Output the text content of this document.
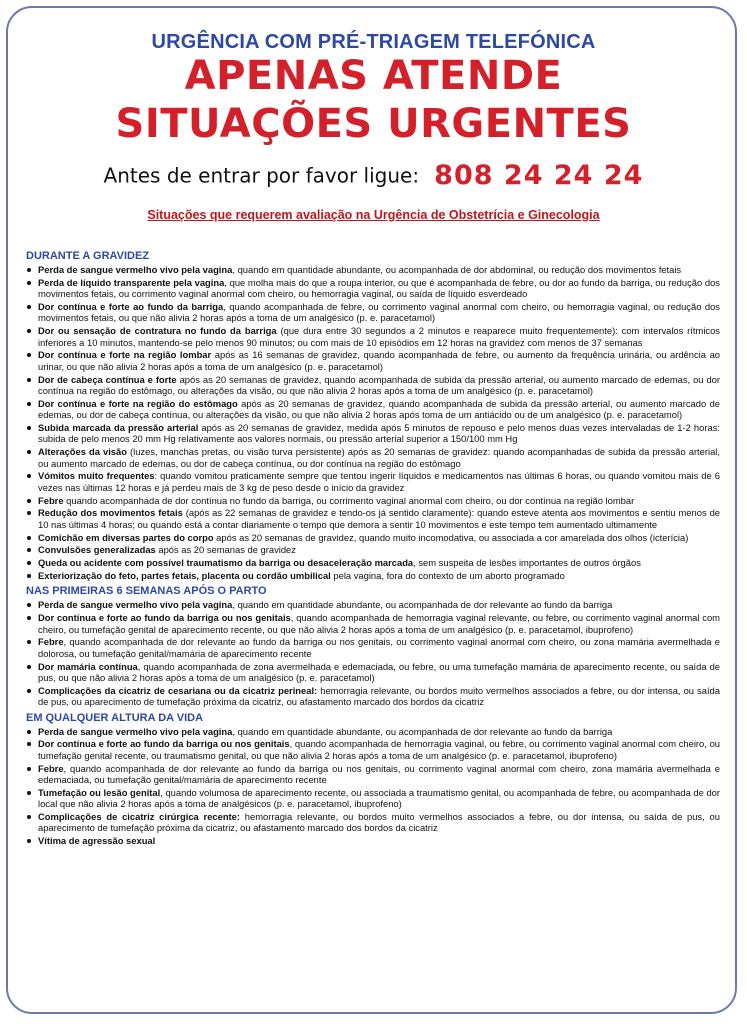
URGÊNCIA COM PRÉ-TRIAGEM TELEFÓNICA
APENAS ATENDE
SITUAÇÕES URGENTES
Antes de entrar por favor ligue: 808 24 24 24
Situações que requerem avaliação na Urgência de Obstetrícia e Ginecologia
DURANTE A GRAVIDEZ
Perda de sangue vermelho vivo pela vagina, quando em quantidade abundante, ou acompanhada de dor abdominal, ou redução dos movimentos fetais
Perda de líquido transparente pela vagina, que molha mais do que a roupa interior, ou que é acompanhada de febre, ou dor ao fundo da barriga, ou redução dos movimentos fetais, ou corrimento vaginal anormal com cheiro, ou hemorragia vaginal, ou saída de líquido esverdeado
Dor contínua e forte ao fundo da barriga, quando acompanhada de febre, ou corrimento vaginal anormal com cheiro, ou hemorragia vaginal, ou redução dos movimentos fetais, ou que não alivia 2 horas após a toma de um analgésico (p. e. paracetamol)
Dor ou sensação de contratura no fundo da barriga (que dura entre 30 segundos a 2 minutos e reaparece muito frequentemente): com intervalos rítmicos inferiores a 10 minutos, mantendo-se pelo menos 90 minutos; ou com mais de 10 episódios em 12 horas na gravidez com menos de 37 semanas
Dor contínua e forte na região lombar após as 16 semanas de gravidez, quando acompanhada de febre, ou aumento da frequência urinária, ou ardência ao urinar, ou que não alivia 2 horas após a toma de um analgésico (p. e. paracetamol)
Dor de cabeça contínua e forte após as 20 semanas de gravidez, quando acompanhada de subida da pressão arterial, ou aumento marcado de edemas, ou dor contínua na região do estômago, ou alterações da visão, ou que não alivia 2 horas após a toma de um analgésico (p. e. paracetamol)
Dor contínua e forte na região do estômago após as 20 semanas de gravidez, quando acompanhada de subida da pressão arterial, ou aumento marcado de edemas, ou dor de cabeça contínua, ou alterações da visão, ou que não alivia 2 horas após toma de um antiácido ou de um analgésico (p. e. paracetamol)
Subida marcada da pressão arterial após as 20 semanas de gravidez, medida após 5 minutos de repouso e pelo menos duas vezes intervaladas de 1-2 horas: subida de pelo menos 20 mm Hg relativamente aos valores normais, ou pressão arterial superior a 150/100 mm Hg
Alterações da visão (luzes, manchas pretas, ou visão turva persistente) após as 20 semanas de gravidez: quando acompanhadas de subida da pressão arterial, ou aumento marcado de edemas, ou dor de cabeça contínua, ou dor contínua na região do estômago
Vómitos muito frequentes: quando vomitou praticamente sempre que tentou ingerir líquidos e medicamentos nas últimas 6 horas, ou quando vomitou mais de 6 vezes nas últimas 12 horas e já perdeu mais de 3 kg de peso desde o início da gravidez
Febre quando acompanhada de dor contínua no fundo da barriga, ou corrimento vaginal anormal com cheiro, ou dor contínua na região lombar
Redução dos movimentos fetais (após as 22 semanas de gravidez e tendo-os já sentido claramente): quando esteve atenta aos movimentos e sentiu menos de 10 nas últimas 4 horas; ou quando está a contar diariamente o tempo que demora a sentir 10 movimentos e este tempo tem aumentado ultimamente
Comichão em diversas partes do corpo após as 20 semanas de gravidez, quando muito incomodativa, ou associada a cor amarelada dos olhos (icterícia)
Convulsões generalizadas após as 20 semanas de gravidez
Queda ou acidente com possível traumatismo da barriga ou desaceleração marcada, sem suspeita de lesões importantes de outros órgãos
Exteriorização do feto, partes fetais, placenta ou cordão umbilical pela vagina, fora do contexto de um aborto programado
NAS PRIMEIRAS 6 SEMANAS APÓS O PARTO
Perda de sangue vermelho vivo pela vagina, quando em quantidade abundante, ou acompanhada de dor relevante ao fundo da barriga
Dor contínua e forte ao fundo da barriga ou nos genitais, quando acompanhada de hemorragia vaginal relevante, ou febre, ou corrimento vaginal anormal com cheiro, ou tumefação genital de aparecimento recente, ou que não alivia 2 horas após a toma de um analgésico (p. e. paracetamol, ibuprofeno)
Febre, quando acompanhada de dor relevante ao fundo da barriga ou nos genitais, ou corrimento vaginal anormal com cheiro, ou zona mamária avermelhada e dolorosa, ou tumefação genital/mamária de aparecimento recente
Dor mamária contínua, quando acompanhada de zona avermelhada e edemaciada, ou febre, ou uma tumefação mamária de aparecimento recente, ou saída de pus, ou que não alivia 2 horas após a toma de um analgésico (p. e. paracetamol)
Complicações da cicatriz de cesariana ou da cicatriz perineal: hemorragia relevante, ou bordos muito vermelhos associados a febre, ou dor intensa, ou saída de pus, ou aparecimento de tumefação próxima da cicatriz, ou afastamento marcado dos bordos da cicatriz
EM QUALQUER ALTURA DA VIDA
Perda de sangue vermelho vivo pela vagina, quando em quantidade abundante, ou acompanhada de dor relevante ao fundo da barriga
Dor contínua e forte ao fundo da barriga ou nos genitais, quando acompanhada de hemorragia vaginal, ou febre, ou corrimento vaginal anormal com cheiro, ou tumefação genital recente, ou traumatismo genital, ou que não alivia 2 horas após a toma de um analgésico (p. e. paracetamol, ibuprofeno)
Febre, quando acompanhada de dor relevante ao fundo da barriga ou nos genitais, ou corrimento vaginal anormal com cheiro, zona mamária avermelhada e edemaciada, ou tumefação genital/mamária de aparecimento recente
Tumefação ou lesão genital, quando volumosa de aparecimento recente, ou associada a traumatismo genital, ou acompanhada de febre, ou acompanhada de dor local que não alivia 2 horas após a toma de analgésicos (p. e. paracetamol, ibuprofeno)
Complicações de cicatriz cirúrgica recente: hemorragia relevante, ou bordos muito vermelhos associados a febre, ou dor intensa, ou saída de pus, ou aparecimento de tumefação próxima da cicatriz, ou afastamento marcado dos bordos da cicatriz
Vítima de agressão sexual
